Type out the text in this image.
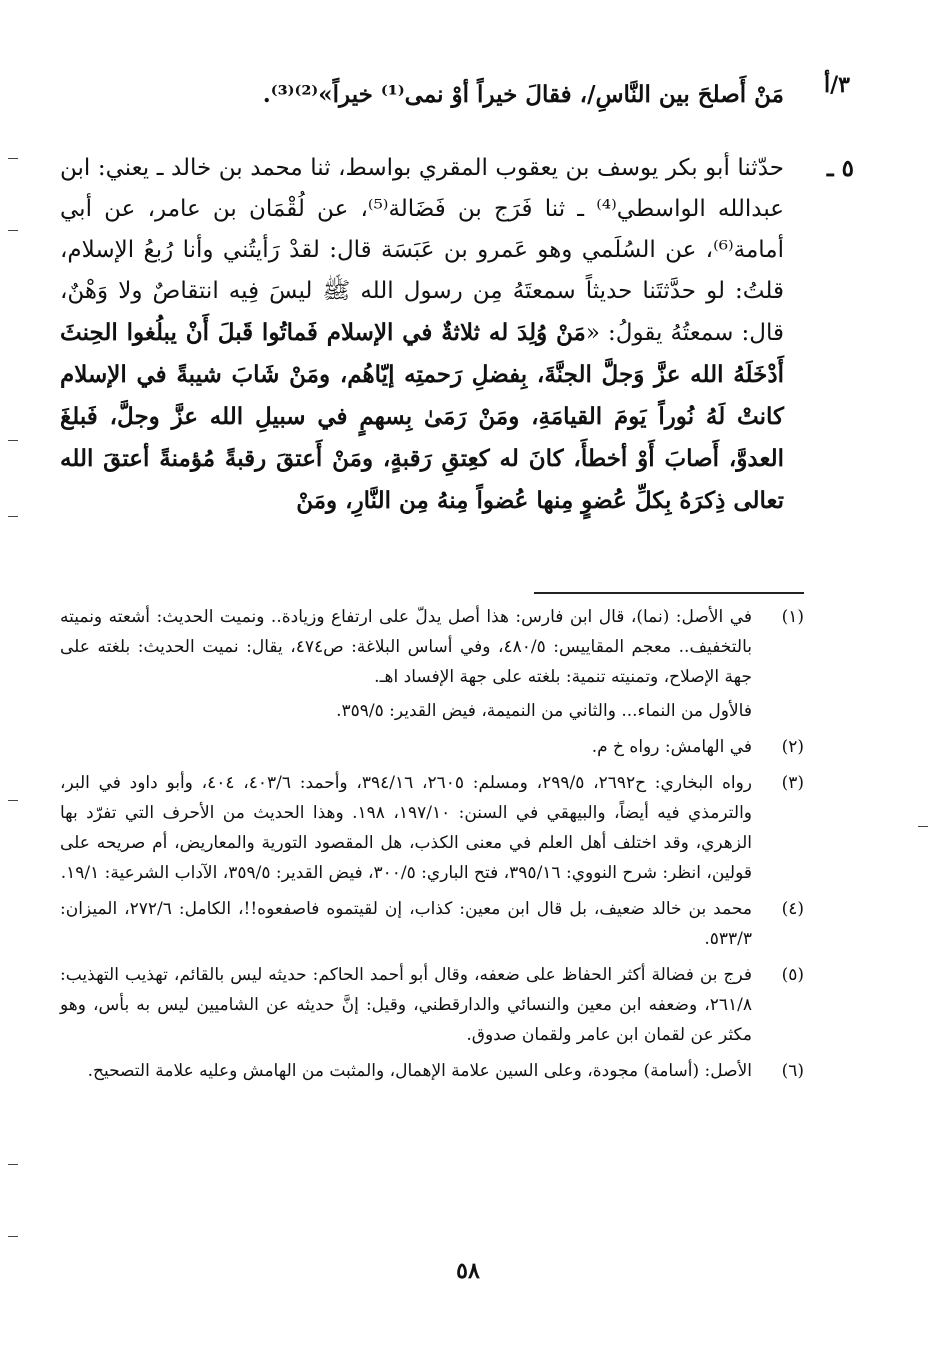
٣/أ
مَنْ أَصلحَ بين النَّاسِ/، فقالَ خيراً أوْ نمى⁽¹⁾ خيراً»⁽²⁾⁽³⁾.
٥ ـ

حدّثنا أبو بكر يوسف بن يعقوب المقري بواسط، ثنا محمد بن خالد ـ يعني: ابن عبدالله الواسطي⁽⁴⁾ ـ ثنا فَرَج بن فَضَالة⁽⁵⁾، عن لُقْمَان بن عامر، عن أبي أمامة⁽⁶⁾، عن السُلَمي وهو عَمرو بن عَبَسَة قال: لقدْ رَأيتُني وأنا رُبعُ الإسلام، قلتُ: لو حدَّثتَنا حديثاً سمعتَهُ مِن رسول الله ﷺ ليسَ فِيه انتقاصٌ ولا وَهْنٌ، قال: سمعتُهُ يقولُ: «مَنْ وُلِدَ له ثلاثةٌ في الإسلام فَماتُوا قَبلَ أَنْ يبلُغوا الحِنثَ أَدْخَلَهُ الله عزَّ وَجلَّ الجنَّةَ، بِفضلِ رَحمتِه إيّاهُم، ومَنْ شَابَ شيبةً في الإسلام كانتْ لَهُ نُوراً يَومَ القيامَةِ، ومَنْ رَمَىٰ بِسهمٍ في سبيلِ الله عزَّ وجلَّ، فَبلغَ العدوَّ، أَصابَ أَوْ أخطأَ، كانَ له كعِتقِ رَقبةٍ، ومَنْ أَعتقَ رقبةً مُؤمنةً أعتقَ الله تعالى ذِكرَهُ بِكلِّ عُضوٍ مِنها عُضواً مِنهُ مِن النَّارِ، ومَنْ

(١)

في الأصل: (نما)، قال ابن فارس: هذا أصل يدلّ على ارتفاع وزيادة.. ونميت الحديث: أشعته ونميته بالتخفيف.. معجم المقاييس: ٤٨٠/٥، وفي أساس البلاغة: ص٤٧٤، يقال: نميت الحديث: بلغته على جهة الإصلاح، وتمنيته تنمية: بلغته على جهة الإفساد اهـ.

فالأول من النماء... والثاني من النميمة، فيض القدير: ٣٥٩/٥.

(٢)

في الهامش: رواه خ م.

(٣)

رواه البخاري: ح٢٦٩٢، ٢٩٩/٥، ومسلم: ٢٦٠٥، ٣٩٤/١٦، وأحمد: ٤٠٣/٦، ٤٠٤، وأبو داود في البر، والترمذي فيه أيضاً، والبيهقي في السنن: ١٩٧/١٠، ١٩٨. وهذا الحديث من الأحرف التي تفرّد بها الزهري، وقد اختلف أهل العلم في معنى الكذب، هل المقصود التورية والمعاريض، أم صريحه على قولين، انظر: شرح النووي: ٣٩٥/١٦، فتح الباري: ٣٠٠/٥، فيض القدير: ٣٥٩/٥، الآداب الشرعية: ١٩/١.

(٤)

محمد بن خالد ضعيف، بل قال ابن معين: كذاب، إن لقيتموه فاصفعوه!!، الكامل: ٢٧٢/٦، الميزان: ٥٣٣/٣.

(٥)

فرج بن فضالة أكثر الحفاظ على ضعفه، وقال أبو أحمد الحاكم: حديثه ليس بالقائم، تهذيب التهذيب: ٢٦١/٨، وضعفه ابن معين والنسائي والدارقطني، وقيل: إنَّ حديثه عن الشاميين ليس به بأس، وهو مكثر عن لقمان ابن عامر ولقمان صدوق.

(٦)

الأصل: (أسامة) مجودة، وعلى السين علامة الإهمال، والمثبت من الهامش وعليه علامة التصحيح.

٥٨
